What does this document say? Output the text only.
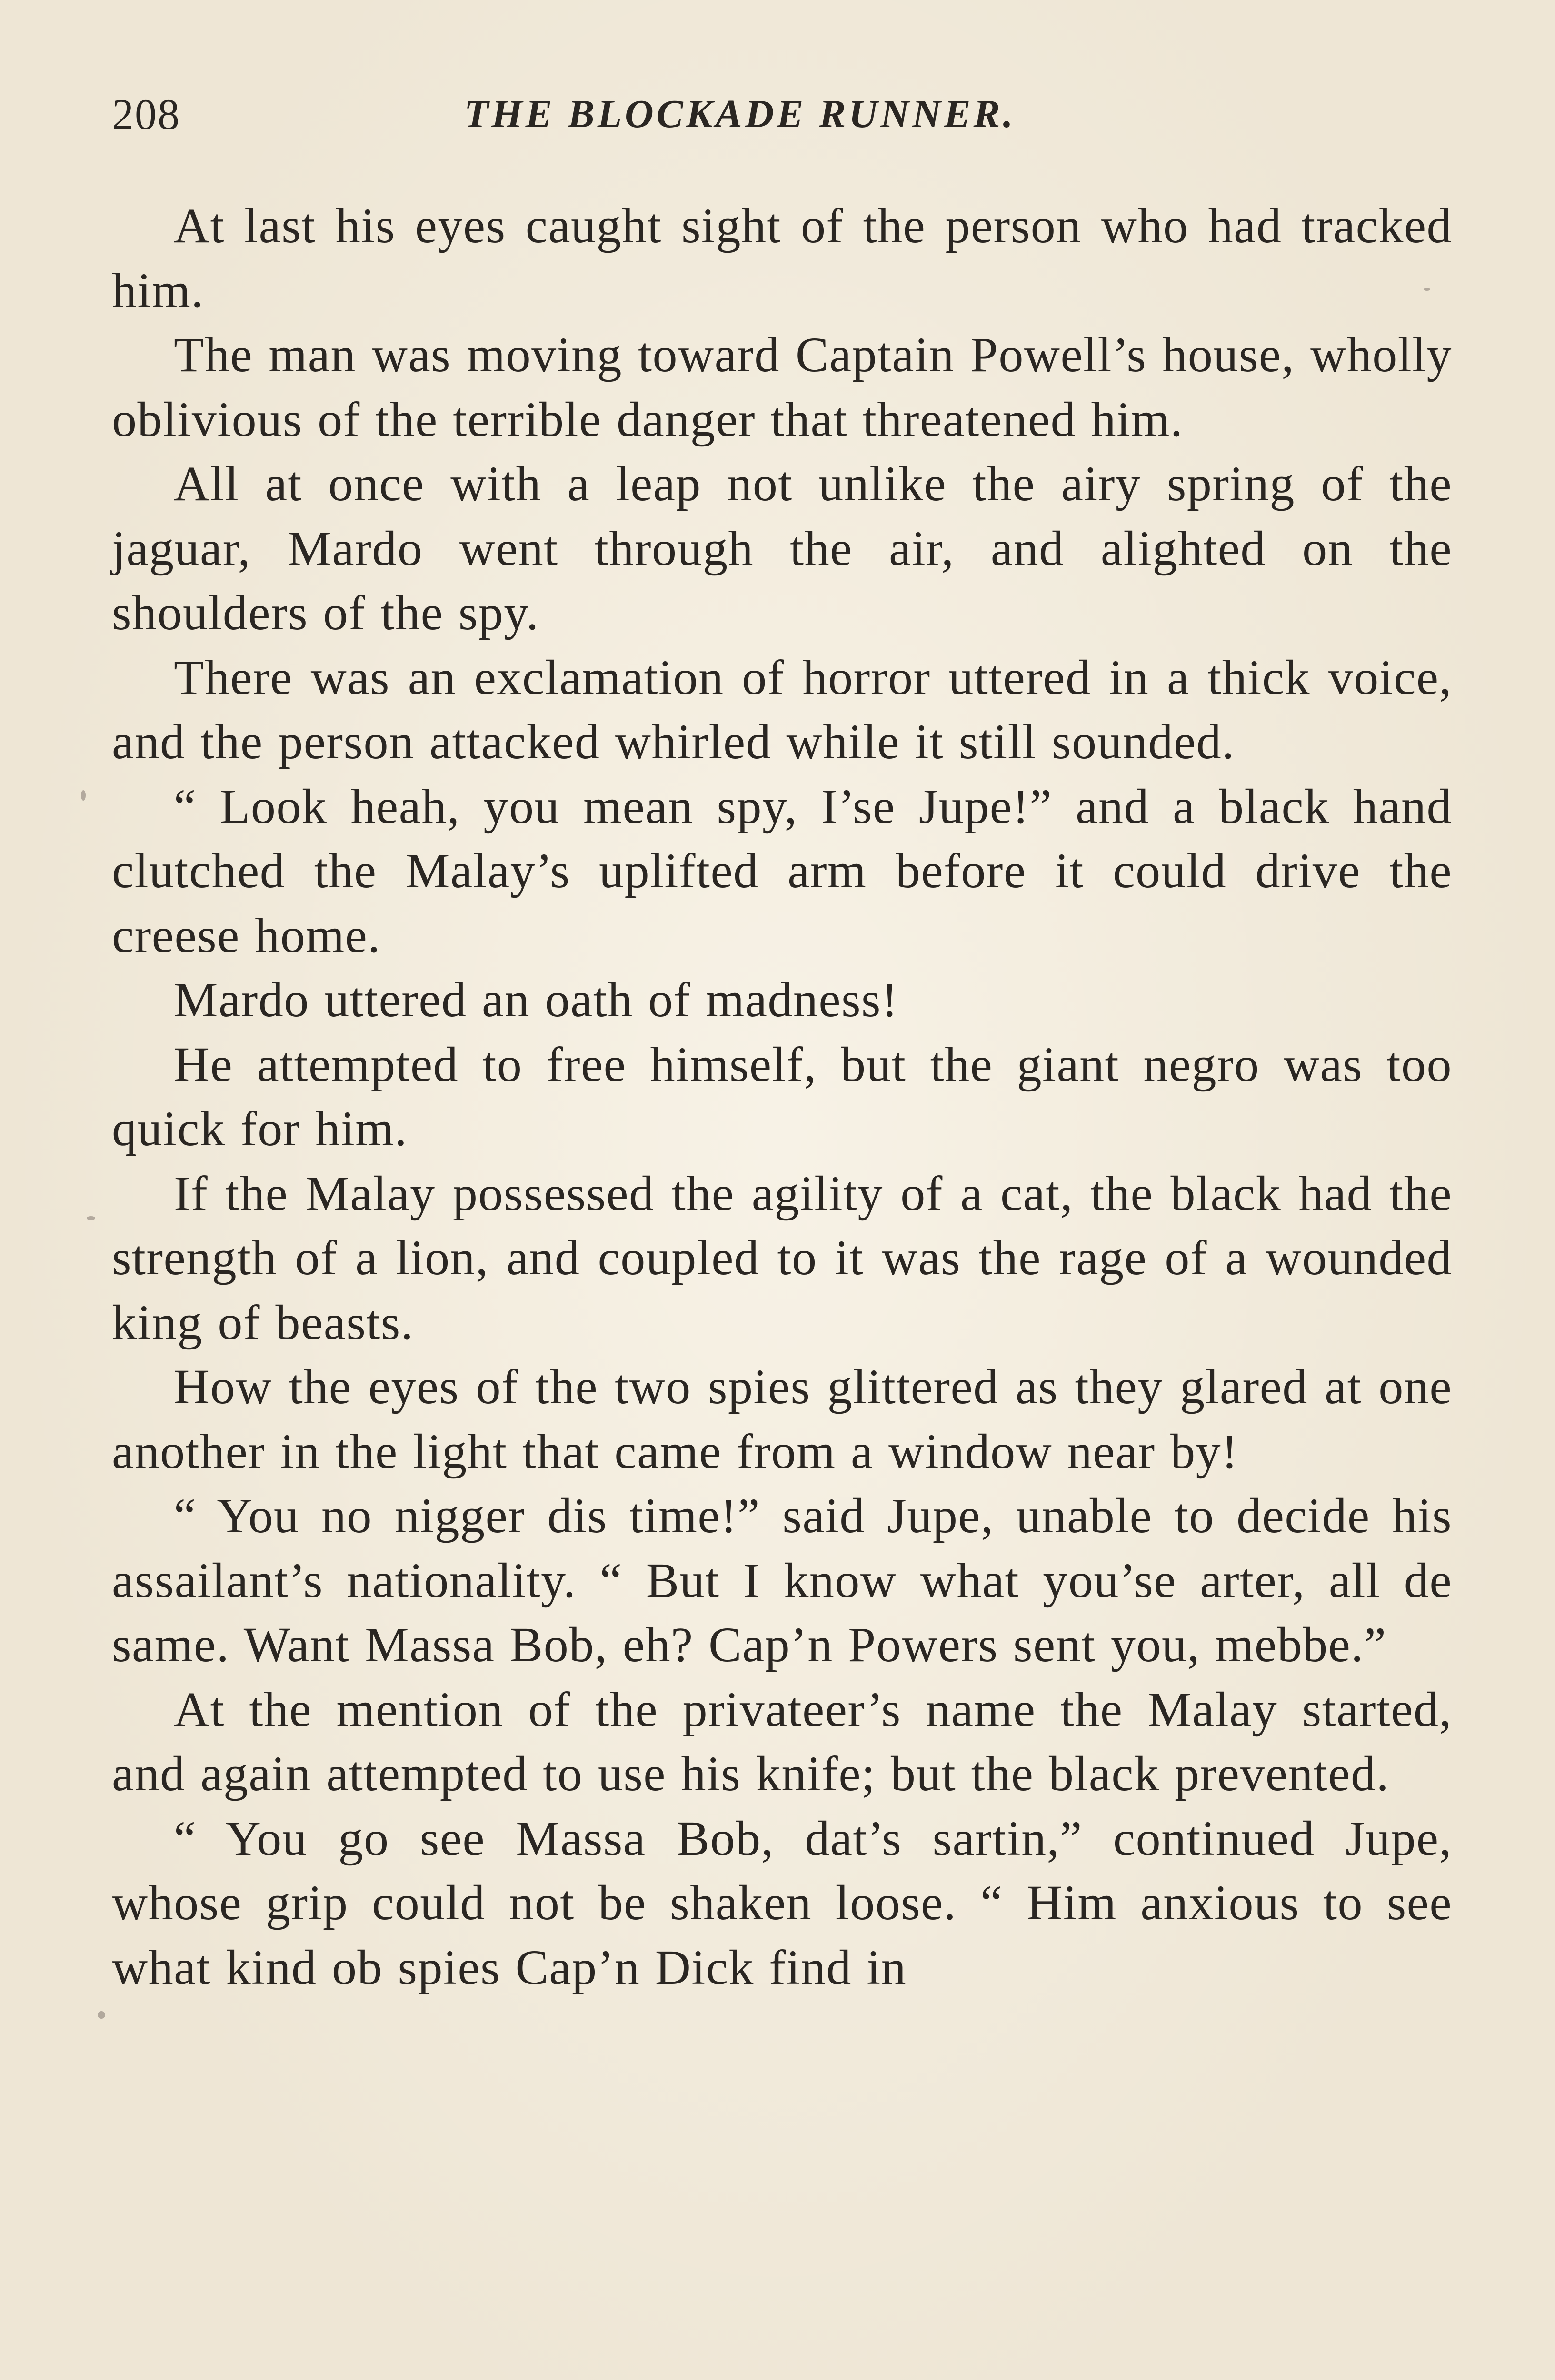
208	THE BLOCKADE RUNNER.

At last his eyes caught sight of the person who had tracked him.

The man was moving toward Captain Powell’s house, wholly oblivious of the terrible danger that threatened him.

All at once with a leap not unlike the airy spring of the jaguar, Mardo went through the air, and alighted on the shoulders of the spy.

There was an exclamation of horror uttered in a thick voice, and the person attacked whirled while it still sounded.

“ Look heah, you mean spy, I’se Jupe!” and a black hand clutched the Malay’s uplifted arm before it could drive the creese home.

Mardo uttered an oath of madness!

He attempted to free himself, but the giant negro was too quick for him.

If the Malay possessed the agility of a cat, the black had the strength of a lion, and coupled to it was the rage of a wounded king of beasts.

How the eyes of the two spies glittered as they glared at one another in the light that came from a window near by!

“ You no nigger dis time!” said Jupe, unable to decide his assailant’s nationality. “ But I know what you’se arter, all de same. Want Massa Bob, eh? Cap’n Powers sent you, mebbe.”

At the mention of the privateer’s name the Malay started, and again attempted to use his knife; but the black prevented.

“ You go see Massa Bob, dat’s sartin,” continued Jupe, whose grip could not be shaken loose. “ Him anxious to see what kind ob spies Cap’n Dick find in
